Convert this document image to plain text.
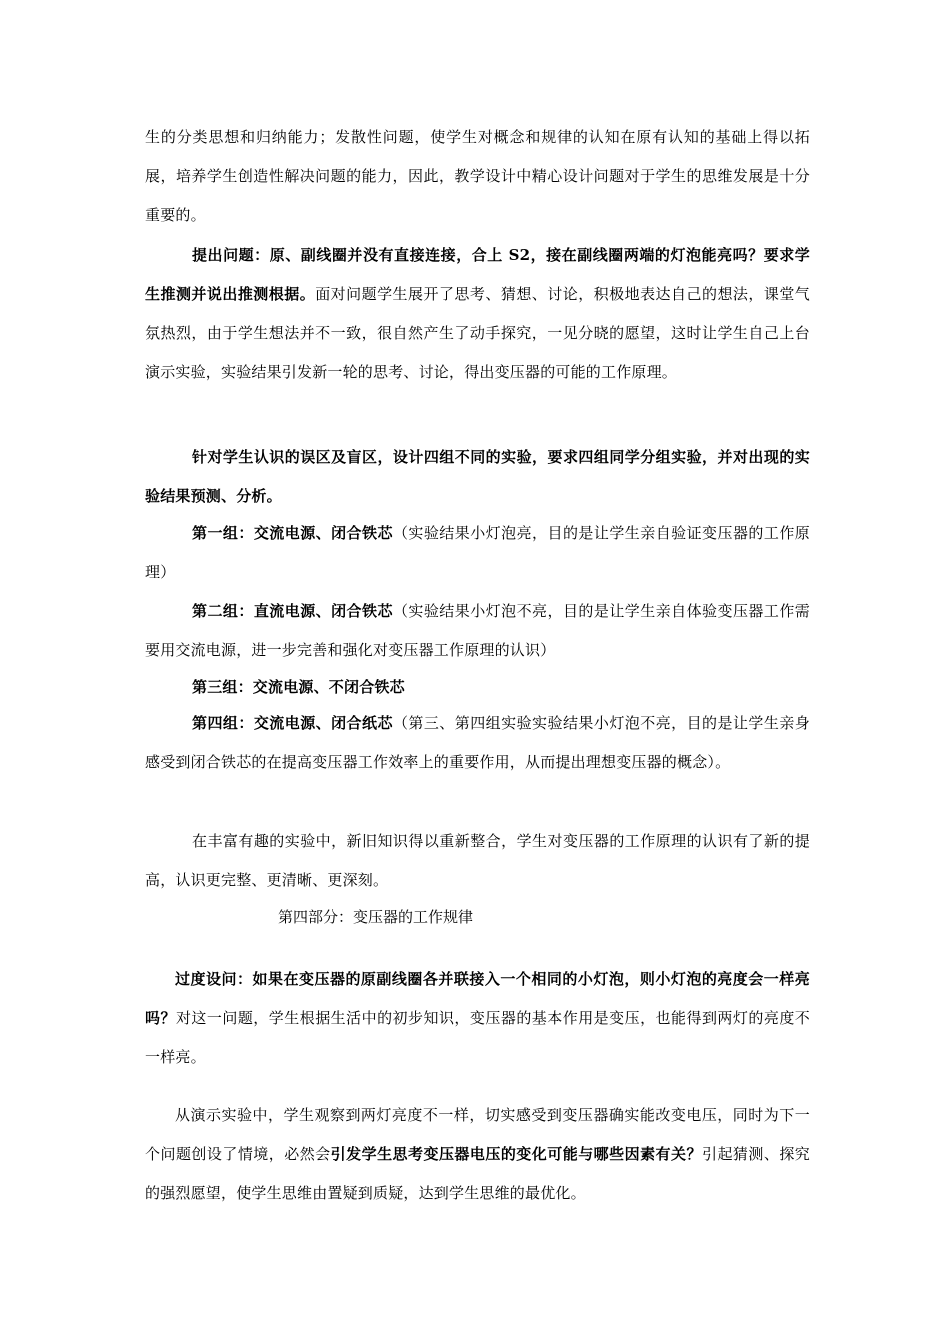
生的分类思想和归纳能力；发散性问题，使学生对概念和规律的认知在原有认知的基础上得以拓展，培养学生创造性解决问题的能力，因此，教学设计中精心设计问题对于学生的思维发展是十分重要的。

提出问题：原、副线圈并没有直接连接，合上 S2，接在副线圈两端的灯泡能亮吗？要求学生推测并说出推测根据。面对问题学生展开了思考、猜想、讨论，积极地表达自己的想法，课堂气氛热烈，由于学生想法并不一致，很自然产生了动手探究，一见分晓的愿望，这时让学生自己上台演示实验，实验结果引发新一轮的思考、讨论，得出变压器的可能的工作原理。

针对学生认识的误区及盲区，设计四组不同的实验，要求四组同学分组实验，并对出现的实验结果预测、分析。

第一组：交流电源、闭合铁芯（实验结果小灯泡亮，目的是让学生亲自验证变压器的工作原理）

第二组：直流电源、闭合铁芯（实验结果小灯泡不亮，目的是让学生亲自体验变压器工作需要用交流电源，进一步完善和强化对变压器工作原理的认识）

第三组：交流电源、不闭合铁芯

第四组：交流电源、闭合纸芯（第三、第四组实验实验结果小灯泡不亮，目的是让学生亲身感受到闭合铁芯的在提高变压器工作效率上的重要作用，从而提出理想变压器的概念）。

在丰富有趣的实验中，新旧知识得以重新整合，学生对变压器的工作原理的认识有了新的提高，认识更完整、更清晰、更深刻。

第四部分：变压器的工作规律

过度设问：如果在变压器的原副线圈各并联接入一个相同的小灯泡，则小灯泡的亮度会一样亮吗？对这一问题，学生根据生活中的初步知识，变压器的基本作用是变压，也能得到两灯的亮度不一样亮。

从演示实验中，学生观察到两灯亮度不一样，切实感受到变压器确实能改变电压，同时为下一个问题创设了情境，必然会引发学生思考变压器电压的变化可能与哪些因素有关？引起猜测、探究的强烈愿望，使学生思维由置疑到质疑，达到学生思维的最优化。
